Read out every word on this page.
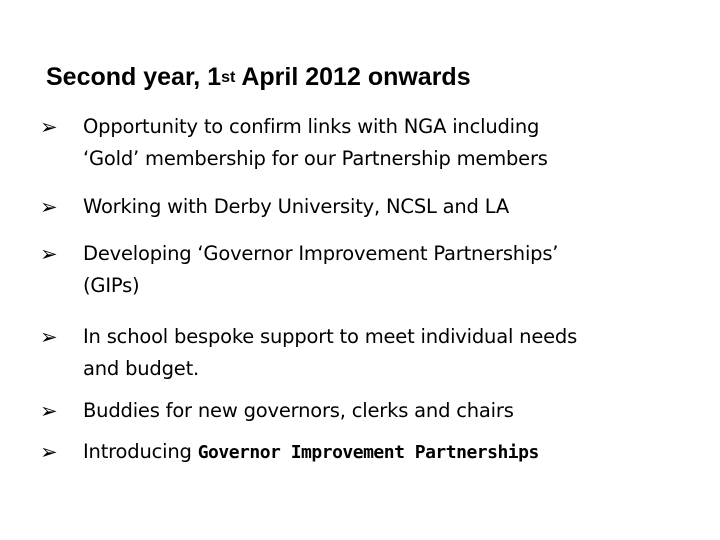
Second year, 1st April 2012 onwards
➢	Opportunity to confirm links with NGA including
‘Gold’ membership for our Partnership members
➢	Working with Derby University, NCSL and LA
➢	Developing ‘Governor Improvement Partnerships’
(GIPs)
➢	In school bespoke support to meet individual needs
and budget.
➢	Buddies for new governors, clerks and chairs
➢	Introducing Governor Improvement Partnerships
